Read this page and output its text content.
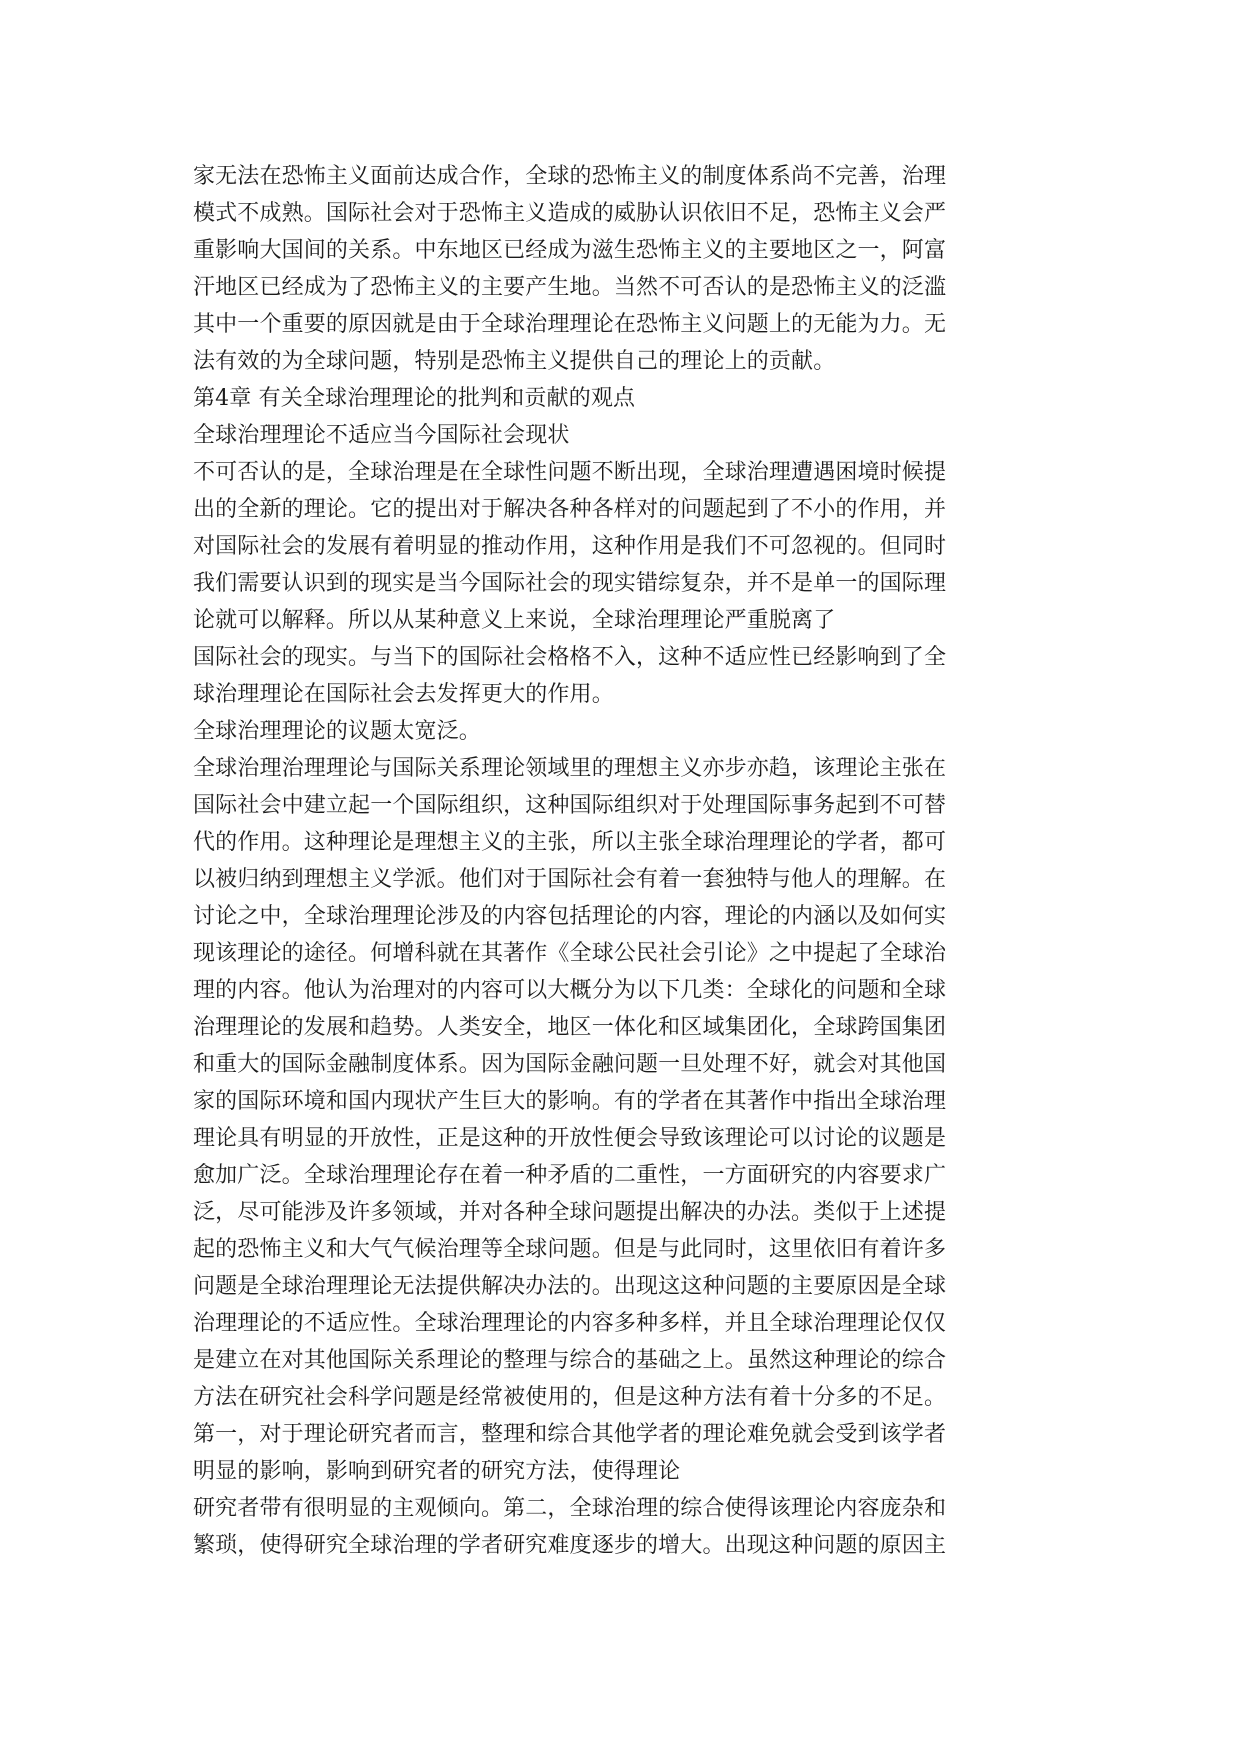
家无法在恐怖主义面前达成合作，全球的恐怖主义的制度体系尚不完善，治理
模式不成熟。国际社会对于恐怖主义造成的威胁认识依旧不足，恐怖主义会严
重影响大国间的关系。中东地区已经成为滋生恐怖主义的主要地区之一，阿富
汗地区已经成为了恐怖主义的主要产生地。当然不可否认的是恐怖主义的泛滥
其中一个重要的原因就是由于全球治理理论在恐怖主义问题上的无能为力。无
法有效的为全球问题，特别是恐怖主义提供自己的理论上的贡献。
第4章 有关全球治理理论的批判和贡献的观点
全球治理理论不适应当今国际社会现状
不可否认的是，全球治理是在全球性问题不断出现，全球治理遭遇困境时候提
出的全新的理论。它的提出对于解决各种各样对的问题起到了不小的作用，并
对国际社会的发展有着明显的推动作用，这种作用是我们不可忽视的。但同时
我们需要认识到的现实是当今国际社会的现实错综复杂，并不是单一的国际理
论就可以解释。所以从某种意义上来说，全球治理理论严重脱离了
国际社会的现实。与当下的国际社会格格不入，这种不适应性已经影响到了全
球治理理论在国际社会去发挥更大的作用。
全球治理理论的议题太宽泛。
全球治理治理理论与国际关系理论领域里的理想主义亦步亦趋，该理论主张在
国际社会中建立起一个国际组织，这种国际组织对于处理国际事务起到不可替
代的作用。这种理论是理想主义的主张，所以主张全球治理理论的学者，都可
以被归纳到理想主义学派。他们对于国际社会有着一套独特与他人的理解。在
讨论之中，全球治理理论涉及的内容包括理论的内容，理论的内涵以及如何实
现该理论的途径。何增科就在其著作《全球公民社会引论》之中提起了全球治
理的内容。他认为治理对的内容可以大概分为以下几类：全球化的问题和全球
治理理论的发展和趋势。人类安全，地区一体化和区域集团化，全球跨国集团
和重大的国际金融制度体系。因为国际金融问题一旦处理不好，就会对其他国
家的国际环境和国内现状产生巨大的影响。有的学者在其著作中指出全球治理
理论具有明显的开放性，正是这种的开放性便会导致该理论可以讨论的议题是
愈加广泛。全球治理理论存在着一种矛盾的二重性，一方面研究的内容要求广
泛，尽可能涉及许多领域，并对各种全球问题提出解决的办法。类似于上述提
起的恐怖主义和大气气候治理等全球问题。但是与此同时，这里依旧有着许多
问题是全球治理理论无法提供解决办法的。出现这这种问题的主要原因是全球
治理理论的不适应性。全球治理理论的内容多种多样，并且全球治理理论仅仅
是建立在对其他国际关系理论的整理与综合的基础之上。虽然这种理论的综合
方法在研究社会科学问题是经常被使用的，但是这种方法有着十分多的不足。
第一，对于理论研究者而言，整理和综合其他学者的理论难免就会受到该学者
明显的影响，影响到研究者的研究方法，使得理论
研究者带有很明显的主观倾向。第二，全球治理的综合使得该理论内容庞杂和
繁琐，使得研究全球治理的学者研究难度逐步的增大。出现这种问题的原因主
